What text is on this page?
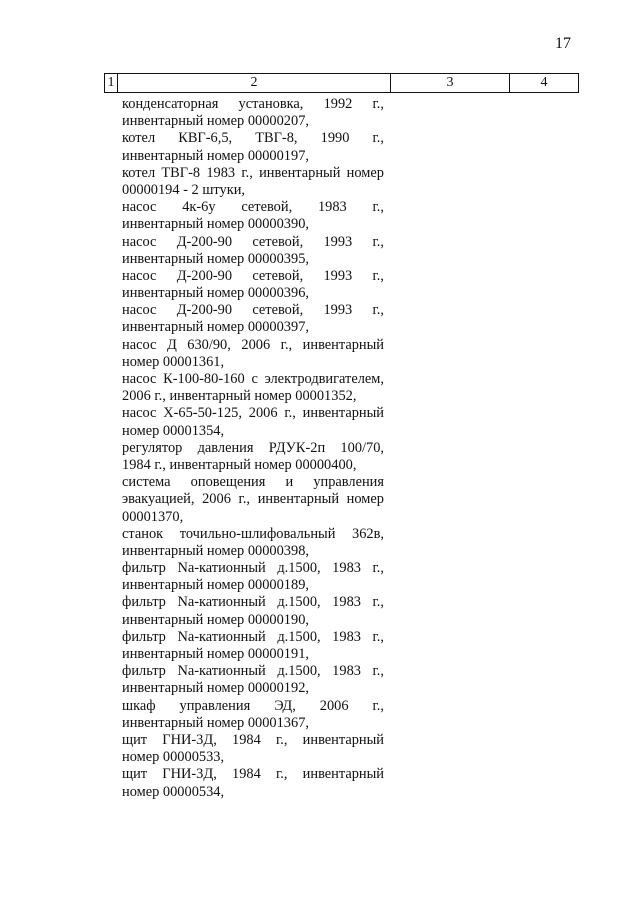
17
1	2	3	4
конденсаторная установка, 1992 г.,
инвентарный номер 00000207,
котел КВГ-6,5, ТВГ-8, 1990 г.,
инвентарный номер 00000197,
котел ТВГ-8 1983 г., инвентарный номер
00000194 - 2 штуки,
насос 4к-6у сетевой, 1983 г.,
инвентарный номер 00000390,
насос Д-200-90 сетевой, 1993 г.,
инвентарный номер 00000395,
насос Д-200-90 сетевой, 1993 г.,
инвентарный номер 00000396,
насос Д-200-90 сетевой, 1993 г.,
инвентарный номер 00000397,
насос Д 630/90, 2006 г., инвентарный
номер 00001361,
насос К-100-80-160 с электродвигателем,
2006 г., инвентарный номер 00001352,
насос Х-65-50-125, 2006 г., инвентарный
номер 00001354,
регулятор давления РДУК-2п 100/70,
1984 г., инвентарный номер 00000400,
система оповещения и управления
эвакуацией, 2006 г., инвентарный номер
00001370,
станок точильно-шлифовальный 362в,
инвентарный номер 00000398,
фильтр Na-катионный д.1500, 1983 г.,
инвентарный номер 00000189,
фильтр Na-катионный д.1500, 1983 г.,
инвентарный номер 00000190,
фильтр Na-катионный д.1500, 1983 г.,
инвентарный номер 00000191,
фильтр Na-катионный д.1500, 1983 г.,
инвентарный номер 00000192,
шкаф управления ЭД, 2006 г.,
инвентарный номер 00001367,
щит ГНИ-3Д, 1984 г., инвентарный
номер 00000533,
щит ГНИ-3Д, 1984 г., инвентарный
номер 00000534,
